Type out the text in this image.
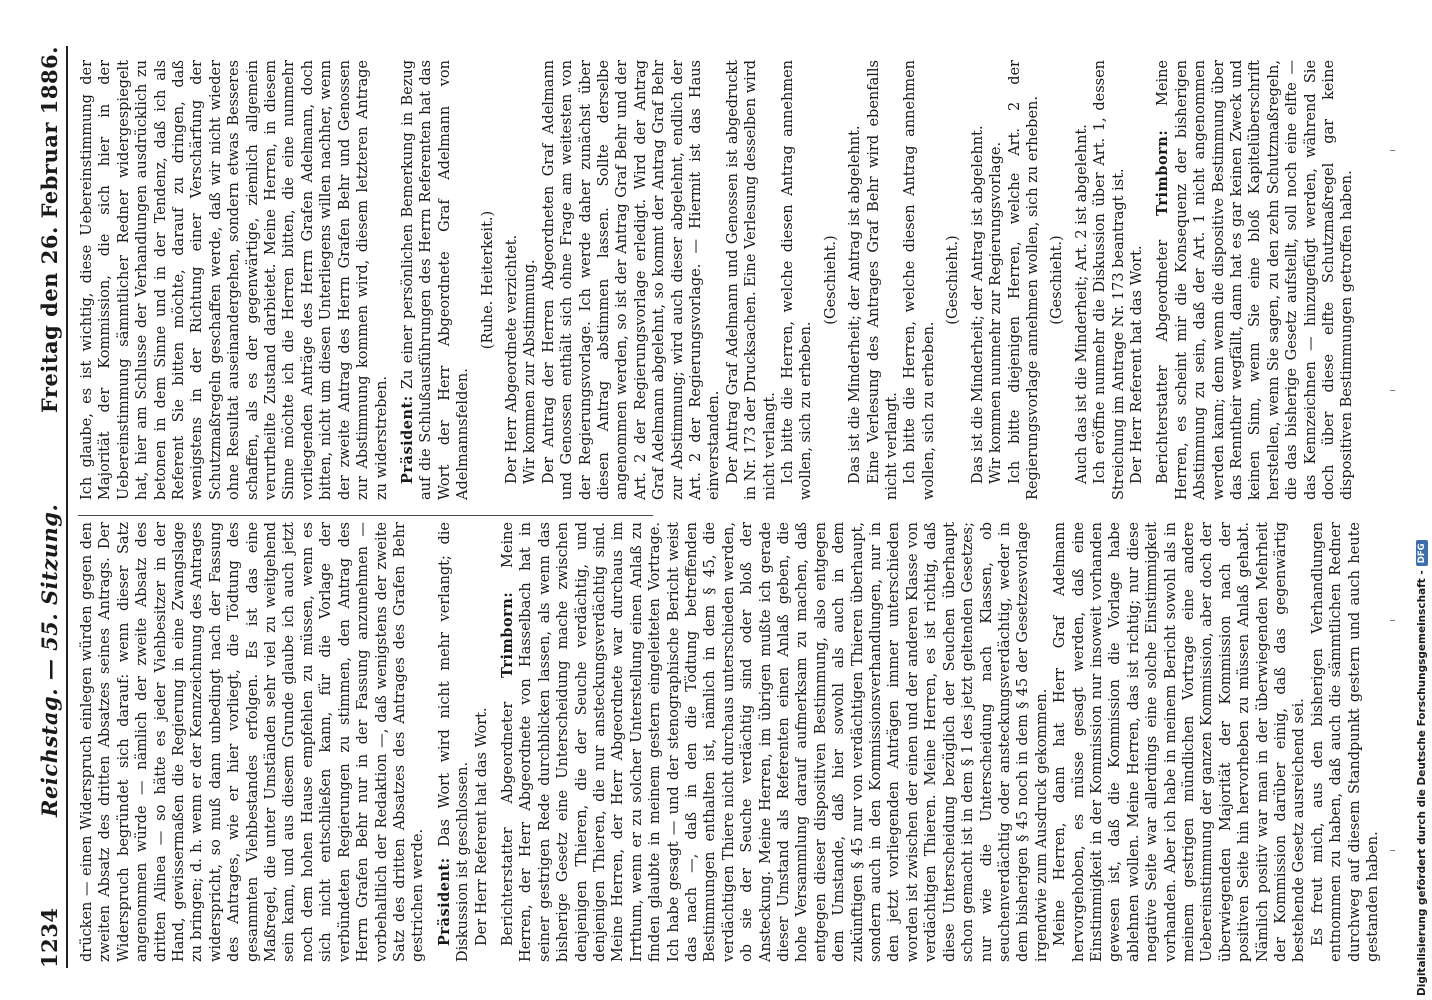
1234
Reichstag. — 55. Sitzung.
Freitag den 26. Februar 1886.

drücken — einen Widerspruch einlegen würden gegen den zweiten Absatz des dritten Absatzes seines Antrags. Der Widerspruch begründet sich darauf: wenn dieser Satz angenommen würde — nämlich der zweite Absatz des dritten Alinea — so hätte es jeder Viehbesitzer in der Hand, gewissermaßen die Regierung in eine Zwangslage zu bringen; d. h. wenn er der Kennzeichnung des Antrages widerspricht, so muß dann unbedingt nach der Fassung des Antrages, wie er hier vorliegt, die Tödtung des gesammten Viehbestandes erfolgen. Es ist das eine Maßregel, die unter Umständen sehr viel zu weitgehend sein kann, und aus diesem Grunde glaube ich auch jetzt noch dem hohen Hause empfehlen zu müssen, wenn es sich nicht entschließen kann, für die Vorlage der verbündeten Regierungen zu stimmen, den Antrag des Herrn Grafen Behr nur in der Fassung anzunehmen — vorbehaltlich der Redaktion —, daß wenigstens der zweite Satz des dritten Absatzes des Antrages des Grafen Behr gestrichen werde. Präsident: Das Wort wird nicht mehr verlangt; die Diskussion ist geschlossen. Der Herr Referent hat das Wort. Berichterstatter Abgeordneter Trimborn: Meine Herren, der Herr Abgeordnete von Hasselbach hat in seiner gestrigen Rede durchblicken lassen, als wenn das bisherige Gesetz eine Unterscheidung mache zwischen denjenigen Thieren, die der Seuche verdächtig, und denjenigen Thieren, die nur ansteckungsverdächtig sind. Meine Herren, der Herr Abgeordnete war durchaus im Irrthum, wenn er zu solcher Unterstellung einen Anlaß zu finden glaubte in meinem gestern eingeleiteten Vortrage. Ich habe gesagt — und der stenographische Bericht weist das nach —, daß in den die Tödtung betreffenden Bestimmungen enthalten ist, nämlich in dem § 45, die verdächtigen Thiere nicht durchaus unterschieden werden, ob sie der Seuche verdächtig sind oder bloß der Ansteckung. Meine Herren, im übrigen mußte ich gerade dieser Umstand als Referenten einen Anlaß geben, die hohe Versammlung darauf aufmerksam zu machen, daß entgegen dieser dispositiven Bestimmung, also entgegen dem Umstande, daß hier sowohl als auch in dem zukünftigen § 45 nur von verdächtigen Thieren überhaupt, sondern auch in den Kommissionsverhandlungen, nur in den jetzt vorliegenden Anträgen immer unterschieden worden ist zwischen der einen und der anderen Klasse von verdächtigen Thieren. Meine Herren, es ist richtig, daß diese Unterscheidung bezüglich der Seuchen überhaupt schon gemacht ist in dem § 1 des jetzt geltenden Gesetzes; nur wie die Unterscheidung nach Klassen, ob seuchenverdächtig oder ansteckungsverdächtig, weder in dem bisherigen § 45 noch in dem § 45 der Gesetzesvorlage irgendwie zum Ausdruck gekommen. Meine Herren, dann hat Herr Graf Adelmann hervorgehoben, es müsse gesagt werden, daß eine Einstimmigkeit in der Kommission nur insoweit vorhanden gewesen ist, daß die Kommission die Vorlage habe ablehnen wollen. Meine Herren, das ist richtig; nur diese negative Seite war allerdings eine solche Einstimmigkeit vorhanden. Aber ich habe in meinem Bericht sowohl als in meinem gestrigen mündlichen Vortrage eine andere Uebereinstimmung der ganzen Kommission, aber doch der überwiegenden Majorität der Kommission nach der positiven Seite hin hervorheben zu müssen Anlaß gehabt. Nämlich positiv war man in der überwiegenden Mehrheit der Kommission darüber einig, daß das gegenwärtig bestehende Gesetz ausreichend sei. Es freut mich, aus den bisherigen Verhandlungen entnommen zu haben, daß auch die sämmtlichen Redner durchweg auf diesem Standpunkt gestern und auch heute gestanden haben.

Ich glaube, es ist wichtig, diese Uebereinstimmung der Majorität der Kommission, die sich hier in der Uebereinstimmung sämmtlicher Redner widergespiegelt hat, hier am Schlusse der Verhandlungen ausdrücklich zu betonen in dem Sinne und in der Tendenz, daß ich als Referent Sie bitten möchte, darauf zu dringen, daß wenigstens in der Richtung einer Verschärfung der Schutzmaßregeln geschaffen werde, daß wir nicht wieder ohne Resultat auseinandergehen, sondern etwas Besseres schaffen, als es der gegenwärtige, ziemlich allgemein verurtheilte Zustand darbietet. Meine Herren, in diesem Sinne möchte ich die Herren bitten, die eine nunmehr vorliegenden Anträge des Herrn Grafen Adelmann, doch bitten, nicht um diesen Unterliegens willen nachher, wenn der zweite Antrag des Herrn Grafen Behr und Genossen zur Abstimmung kommen wird, diesem letzteren Antrage zu widerstreben. Präsident: Zu einer persönlichen Bemerkung in Bezug auf die Schlußausführungen des Herrn Referenten hat das Wort der Herr Abgeordnete Graf Adelmann von Adelmannsfelden.

(Ruhe. Heiterkeit.) Der Herr Abgeordnete verzichtet. Wir kommen zur Abstimmung. Der Antrag der Herren Abgeordneten Graf Adelmann und Genossen enthält sich ohne Frage am weitesten von der Regierungsvorlage. Ich werde daher zunächst über diesen Antrag abstimmen lassen. Sollte derselbe angenommen werden, so ist der Antrag Graf Behr und der Art. 2 der Regierungsvorlage erledigt. Wird der Antrag Graf Adelmann abgelehnt, so kommt der Antrag Graf Behr zur Abstimmung; wird auch dieser abgelehnt, endlich der Art. 2 der Regierungsvorlage. — Hiermit ist das Haus einverstanden. Der Antrag Graf Adelmann und Genossen ist abgedruckt in Nr. 173 der Drucksachen. Eine Verlesung desselben wird nicht verlangt. Ich bitte die Herren, welche diesen Antrag annehmen wollen, sich zu erheben.

(Geschieht.) Das ist die Minderheit; der Antrag ist abgelehnt. Eine Verlesung des Antrages Graf Behr wird ebenfalls nicht verlangt. Ich bitte die Herren, welche diesen Antrag annehmen wollen, sich zu erheben.

(Geschieht.) Das ist die Minderheit; der Antrag ist abgelehnt. Wir kommen nunmehr zur Regierungsvorlage. Ich bitte diejenigen Herren, welche Art. 2 der Regierungsvorlage annehmen wollen, sich zu erheben. (Geschieht.) Auch das ist die Minderheit; Art. 2 ist abgelehnt. Ich eröffne nunmehr die Diskussion über Art. 1, dessen Streichung im Antrage Nr. 173 beantragt ist. Der Herr Referent hat das Wort. Berichterstatter Abgeordneter Trimborn: Meine Herren, es scheint mir die Konsequenz der bisherigen Abstimmung zu sein, daß der Art. 1 nicht angenommen werden kann; denn wenn die dispositive Bestimmung über das Renntheir wegfällt, dann hat es gar keinen Zweck und keinen Sinn, wenn Sie eine bloß Kapitelüberschrift herstellen, wenn Sie sagen, zu den zehn Schutzmaßregeln, die das bisherige Gesetz aufstellt, soll noch eine elfte — das Kennzeichnen — hinzugefügt werden, während Sie doch über diese elfte Schutzmaßregel gar keine dispositiven Bestimmungen getroffen haben.

Digitalisierung gefördert durch die Deutsche Forschungsgemeinschaft -
DFG
